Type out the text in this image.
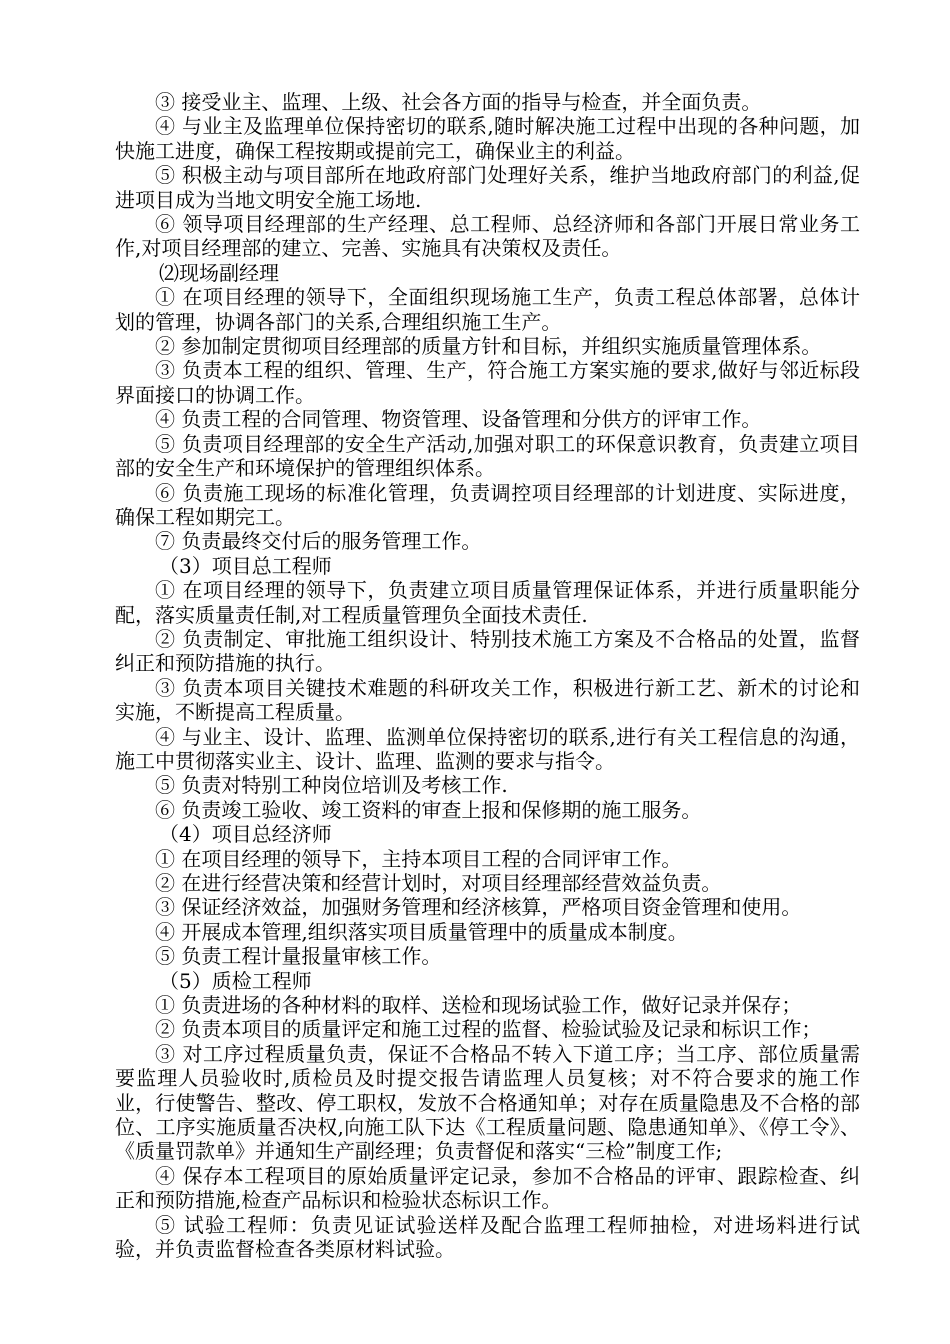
③ 接受业主、监理、上级、社会各方面的指导与检查，并全面负责。

④ 与业主及监理单位保持密切的联系,随时解决施工过程中出现的各种问题，加快施工进度，确保工程按期或提前完工，确保业主的利益。

⑤ 积极主动与项目部所在地政府部门处理好关系，维护当地政府部门的利益,促进项目成为当地文明安全施工场地.

⑥ 领导项目经理部的生产经理、总工程师、总经济师和各部门开展日常业务工作,对项目经理部的建立、完善、实施具有决策权及责任。

⑵现场副经理

① 在项目经理的领导下，全面组织现场施工生产，负责工程总体部署，总体计划的管理，协调各部门的关系,合理组织施工生产。

② 参加制定贯彻项目经理部的质量方针和目标，并组织实施质量管理体系。

③ 负责本工程的组织、管理、生产，符合施工方案实施的要求,做好与邻近标段界面接口的协调工作。

④ 负责工程的合同管理、物资管理、设备管理和分供方的评审工作。

⑤ 负责项目经理部的安全生产活动,加强对职工的环保意识教育，负责建立项目部的安全生产和环境保护的管理组织体系。

⑥ 负责施工现场的标准化管理，负责调控项目经理部的计划进度、实际进度，确保工程如期完工。

⑦ 负责最终交付后的服务管理工作。

（3）项目总工程师

① 在项目经理的领导下，负责建立项目质量管理保证体系，并进行质量职能分配，落实质量责任制,对工程质量管理负全面技术责任.

② 负责制定、审批施工组织设计、特别技术施工方案及不合格品的处置，监督纠正和预防措施的执行。

③ 负责本项目关键技术难题的科研攻关工作，积极进行新工艺、新术的讨论和实施，不断提高工程质量。

④ 与业主、设计、监理、监测单位保持密切的联系,进行有关工程信息的沟通，施工中贯彻落实业主、设计、监理、监测的要求与指令。

⑤ 负责对特别工种岗位培训及考核工作.

⑥ 负责竣工验收、竣工资料的审查上报和保修期的施工服务。

（4）项目总经济师

① 在项目经理的领导下，主持本项目工程的合同评审工作。

② 在进行经营决策和经营计划时，对项目经理部经营效益负责。

③ 保证经济效益，加强财务管理和经济核算，严格项目资金管理和使用。

④ 开展成本管理,组织落实项目质量管理中的质量成本制度。

⑤ 负责工程计量报量审核工作。

（5）质检工程师

① 负责进场的各种材料的取样、送检和现场试验工作，做好记录并保存；

② 负责本项目的质量评定和施工过程的监督、检验试验及记录和标识工作；

③ 对工序过程质量负责，保证不合格品不转入下道工序；当工序、部位质量需要监理人员验收时,质检员及时提交报告请监理人员复核；对不符合要求的施工作业，行使警告、整改、停工职权，发放不合格通知单；对存在质量隐患及不合格的部位、工序实施质量否决权,向施工队下达《工程质量问题、隐患通知单》、《停工令》、《质量罚款单》并通知生产副经理；负责督促和落实“三检”制度工作;

④ 保存本工程项目的原始质量评定记录，参加不合格品的评审、跟踪检查、纠正和预防措施,检查产品标识和检验状态标识工作。

⑤ 试验工程师：负责见证试验送样及配合监理工程师抽检，对进场料进行试验，并负责监督检查各类原材料试验。
